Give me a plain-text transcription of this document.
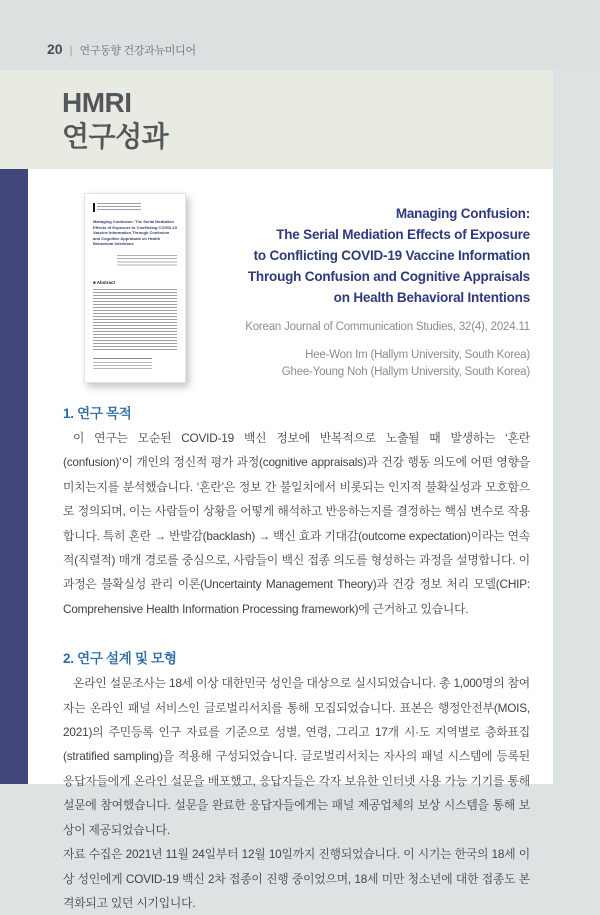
20 | 연구동향 건강과뉴미디어
HMRI
연구성과
Managing Confusion: The Serial Mediation Effects of Exposure to Conflicting COVID-19 Vaccine Information Through Confusion and Cognitive Appraisals on Health Behavioral Intentions
■ Abstract
Managing Confusion:
The Serial Mediation Effects of Exposure
to Conflicting COVID-19 Vaccine Information
Through Confusion and Cognitive Appraisals
on Health Behavioral Intentions
Korean Journal of Communication Studies, 32(4), 2024.11
Hee-Won Im (Hallym University, South Korea)
Ghee-Young Noh (Hallym University, South Korea)
1. 연구 목적

이 연구는 모순된 COVID-19 백신 정보에 반복적으로 노출될 때 발생하는 ‘혼란(confusion)’이 개인의 정신적 평가 과정(cognitive appraisals)과 건강 행동 의도에 어떤 영향을 미치는지를 분석했습니다. ‘혼란’은 정보 간 불일치에서 비롯되는 인지적 불확실성과 모호함으로 정의되며, 이는 사람들이 상황을 어떻게 해석하고 반응하는지를 결정하는 핵심 변수로 작용합니다. 특히 혼란 → 반발감(backlash) → 백신 효과 기대감(outcome expectation)이라는 연속적(직렬적) 매개 경로를 중심으로, 사람들이 백신 접종 의도를 형성하는 과정을 설명합니다. 이 과정은 불확실성 관리 이론(Uncertainty Management Theory)과 건강 정보 처리 모델(CHIP: Comprehensive Health Information Processing framework)에 근거하고 있습니다.

2. 연구 설계 및 모형

온라인 설문조사는 18세 이상 대한민국 성인을 대상으로 실시되었습니다. 총 1,000명의 참여자는 온라인 패널 서비스인 글로벌리서치를 통해 모집되었습니다. 표본은 행정안전부(MOIS, 2021)의 주민등록 인구 자료를 기준으로 성별, 연령, 그리고 17개 시·도 지역별로 층화표집(stratified sampling)을 적용해 구성되었습니다. 글로벌리서치는 자사의 패널 시스템에 등록된 응답자들에게 온라인 설문을 배포했고, 응답자들은 각자 보유한 인터넷 사용 가능 기기를 통해 설문에 참여했습니다. 설문을 완료한 응답자들에게는 패널 제공업체의 보상 시스템을 통해 보상이 제공되었습니다.

자료 수집은 2021년 11월 24일부터 12월 10일까지 진행되었습니다. 이 시기는 한국의 18세 이상 성인에게 COVID-19 백신 2차 접종이 진행 중이었으며, 18세 미만 청소년에 대한 접종도 본격화되고 있던 시기입니다.
